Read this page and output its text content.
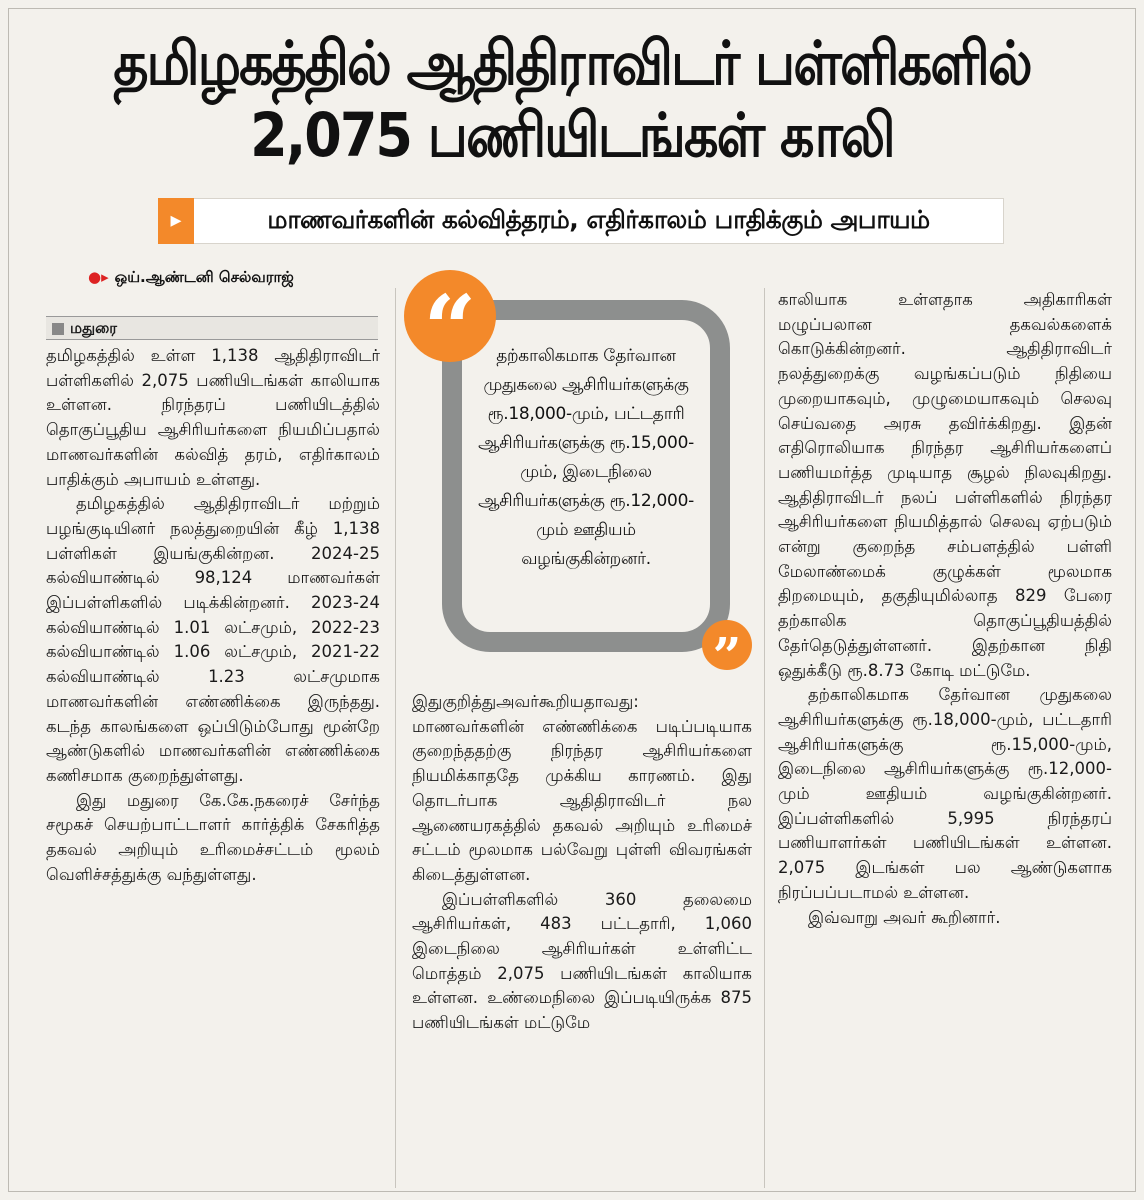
தமிழகத்தில் ஆதிதிராவிடர் பள்ளிகளில்
2,075 பணியிடங்கள் காலி
▸	மாணவர்களின் கல்வித்தரம், எதிர்காலம் பாதிக்கும் அபாயம்
●▸ ஒய்.ஆண்டனி செல்வராஜ்
மதுரை

தமிழகத்தில் உள்ள 1,138 ஆதிதிராவிடர் பள்ளிகளில் 2,075 பணியிடங்கள் காலியாக உள்ளன. நிரந்தரப் பணியிடத்தில் தொகுப்பூதிய ஆசிரியர்களை நியமிப்பதால் மாணவர்களின் கல்வித் தரம், எதிர்காலம் பாதிக்கும் அபாயம் உள்ளது.

தமிழகத்தில் ஆதிதிராவிடர் மற்றும் பழங்குடியினர் நலத்துறையின் கீழ் 1,138 பள்ளிகள் இயங்குகின்றன. 2024-25 கல்வியாண்டில் 98,124 மாணவர்கள் இப்பள்ளிகளில் படிக்கின்றனர். 2023-24 கல்வியாண்டில் 1.01 லட்சமும், 2022-23 கல்வியாண்டில் 1.06 லட்சமும், 2021-22 கல்வியாண்டில் 1.23 லட்சமுமாக மாணவர்களின் எண்ணிக்கை இருந்தது. கடந்த காலங்களை ஒப்பிடும்போது மூன்றே ஆண்டுகளில் மாணவர்களின் எண்ணிக்கை கணிசமாக குறைந்துள்ளது.

இது மதுரை கே.கே.நகரைச் சேர்ந்த சமூகச் செயற்பாட்டாளர் கார்த்திக் சேகரித்த தகவல் அறியும் உரிமைச்சட்டம் மூலம் வெளிச்சத்துக்கு வந்துள்ளது.

“	தற்காலிகமாக தேர்வான முதுகலை ஆசிரியர்களுக்கு ரூ.18,000-மும், பட்டதாரி ஆசிரியர்களுக்கு ரூ.15,000-மும், இடைநிலை ஆசிரியர்களுக்கு ரூ.12,000-மும் ஊதியம் வழங்குகின்றனர்.
”

இதுகுறித்துஅவர்கூறியதாவது: மாணவர்களின் எண்ணிக்கை படிப்படியாக குறைந்ததற்கு நிரந்தர ஆசிரியர்களை நியமிக்காததே முக்கிய காரணம். இது தொடர்பாக ஆதிதிராவிடர் நல ஆணையரகத்தில் தகவல் அறியும் உரிமைச் சட்டம் மூலமாக பல்வேறு புள்ளி விவரங்கள் கிடைத்துள்ளன.

இப்பள்ளிகளில் 360 தலைமை ஆசிரியர்கள், 483 பட்டதாரி, 1,060 இடைநிலை ஆசிரியர்கள் உள்ளிட்ட மொத்தம் 2,075 பணியிடங்கள் காலியாக உள்ளன. உண்மைநிலை இப்படியிருக்க 875 பணியிடங்கள் மட்டுமே

காலியாக உள்ளதாக அதிகாரிகள் மழுப்பலான தகவல்களைக் கொடுக்கின்றனர். ஆதிதிராவிடர் நலத்துறைக்கு வழங்கப்படும் நிதியை முறையாகவும், முழுமையாகவும் செலவு செய்வதை அரசு தவிர்க்கிறது. இதன் எதிரொலியாக நிரந்தர ஆசிரியர்களைப் பணியமர்த்த முடியாத சூழல் நிலவுகிறது. ஆதிதிராவிடர் நலப் பள்ளிகளில் நிரந்தர ஆசிரியர்களை நியமித்தால் செலவு ஏற்படும் என்று குறைந்த சம்பளத்தில் பள்ளி மேலாண்மைக் குழுக்கள் மூலமாக திறமையும், தகுதியுமில்லாத 829 பேரை தற்காலிக தொகுப்பூதியத்தில் தேர்தெடுத்துள்ளனர். இதற்கான நிதி ஒதுக்கீடு ரூ.8.73 கோடி மட்டுமே.

தற்காலிகமாக தேர்வான முதுகலை ஆசிரியர்களுக்கு ரூ.18,000-மும், பட்டதாரி ஆசிரியர்களுக்கு ரூ.15,000-மும், இடைநிலை ஆசிரியர்களுக்கு ரூ.12,000-மும் ஊதியம் வழங்குகின்றனர். இப்பள்ளிகளில் 5,995 நிரந்தரப் பணியாளர்கள் பணியிடங்கள் உள்ளன. 2,075 இடங்கள் பல ஆண்டுகளாக நிரப்பப்படாமல் உள்ளன.

இவ்வாறு அவர் கூறினார்.
